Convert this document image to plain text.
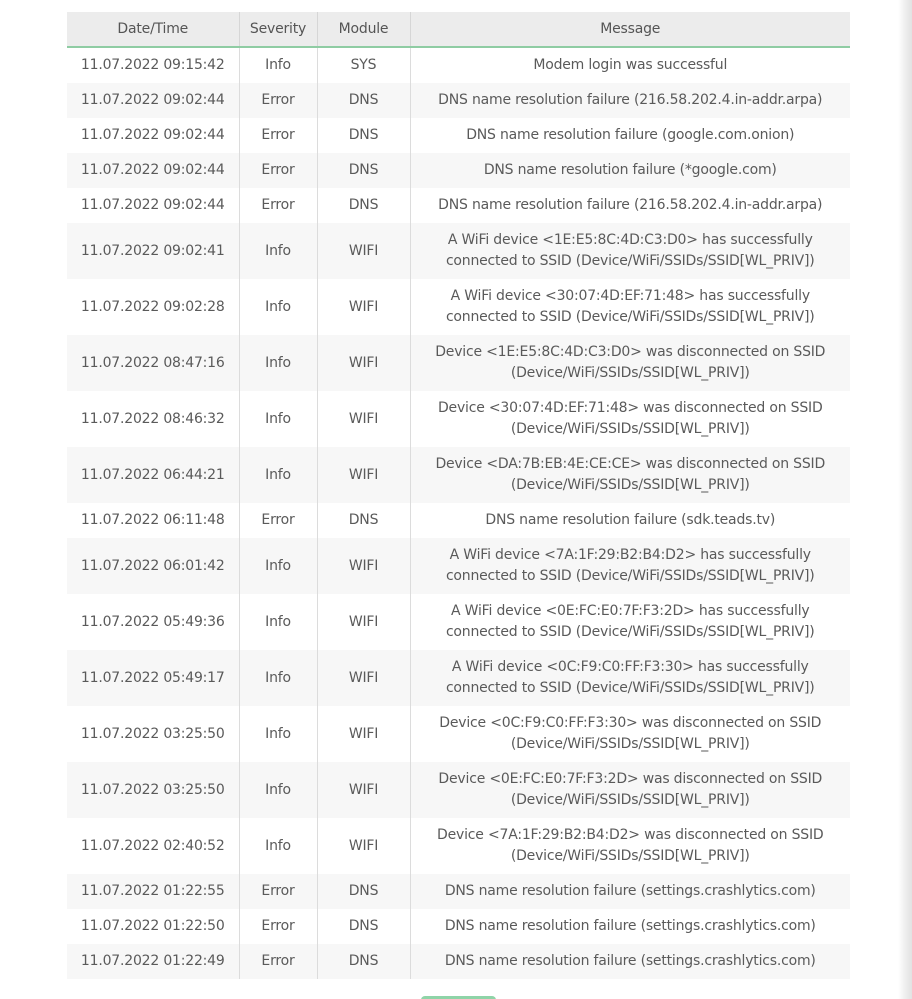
Date/Time	Severity	Module	Message
11.07.2022 09:15:42	Info	SYS	Modem login was successful
11.07.2022 09:02:44	Error	DNS	DNS name resolution failure (216.58.202.4.in-addr.arpa)
11.07.2022 09:02:44	Error	DNS	DNS name resolution failure (google.com.onion)
11.07.2022 09:02:44	Error	DNS	DNS name resolution failure (*google.com)
11.07.2022 09:02:44	Error	DNS	DNS name resolution failure (216.58.202.4.in-addr.arpa)
11.07.2022 09:02:41	Info	WIFI	A WiFi device <1E:E5:8C:4D:C3:D0> has successfully connected to SSID (Device/WiFi/SSIDs/SSID[WL_PRIV])
11.07.2022 09:02:28	Info	WIFI	A WiFi device <30:07:4D:EF:71:48> has successfully connected to SSID (Device/WiFi/SSIDs/SSID[WL_PRIV])
11.07.2022 08:47:16	Info	WIFI	Device <1E:E5:8C:4D:C3:D0> was disconnected on SSID (Device/WiFi/SSIDs/SSID[WL_PRIV])
11.07.2022 08:46:32	Info	WIFI	Device <30:07:4D:EF:71:48> was disconnected on SSID (Device/WiFi/SSIDs/SSID[WL_PRIV])
11.07.2022 06:44:21	Info	WIFI	Device <DA:7B:EB:4E:CE:CE> was disconnected on SSID (Device/WiFi/SSIDs/SSID[WL_PRIV])
11.07.2022 06:11:48	Error	DNS	DNS name resolution failure (sdk.teads.tv)
11.07.2022 06:01:42	Info	WIFI	A WiFi device <7A:1F:29:B2:B4:D2> has successfully connected to SSID (Device/WiFi/SSIDs/SSID[WL_PRIV])
11.07.2022 05:49:36	Info	WIFI	A WiFi device <0E:FC:E0:7F:F3:2D> has successfully connected to SSID (Device/WiFi/SSIDs/SSID[WL_PRIV])
11.07.2022 05:49:17	Info	WIFI	A WiFi device <0C:F9:C0:FF:F3:30> has successfully connected to SSID (Device/WiFi/SSIDs/SSID[WL_PRIV])
11.07.2022 03:25:50	Info	WIFI	Device <0C:F9:C0:FF:F3:30> was disconnected on SSID (Device/WiFi/SSIDs/SSID[WL_PRIV])
11.07.2022 03:25:50	Info	WIFI	Device <0E:FC:E0:7F:F3:2D> was disconnected on SSID (Device/WiFi/SSIDs/SSID[WL_PRIV])
11.07.2022 02:40:52	Info	WIFI	Device <7A:1F:29:B2:B4:D2> was disconnected on SSID (Device/WiFi/SSIDs/SSID[WL_PRIV])
11.07.2022 01:22:55	Error	DNS	DNS name resolution failure (settings.crashlytics.com)
11.07.2022 01:22:50	Error	DNS	DNS name resolution failure (settings.crashlytics.com)
11.07.2022 01:22:49	Error	DNS	DNS name resolution failure (settings.crashlytics.com)
